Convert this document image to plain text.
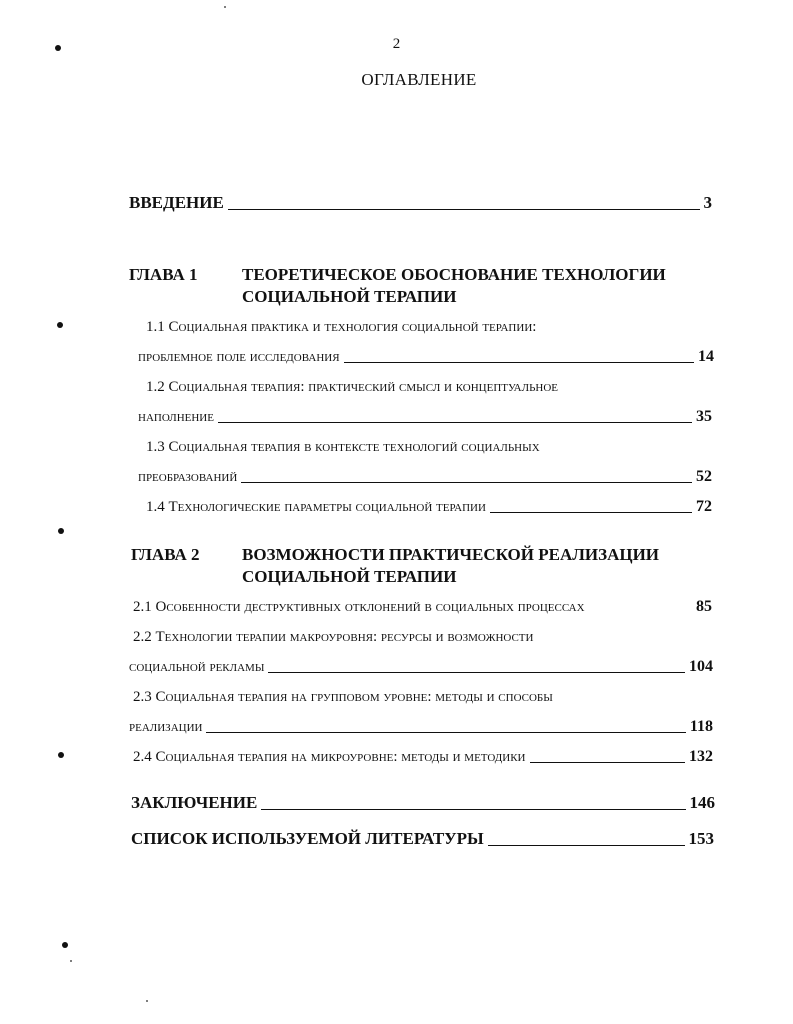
2
ОГЛАВЛЕНИЕ
ВВЕДЕНИЕ	3
ГЛАВА 1	ТЕОРЕТИЧЕСКОЕ ОБОСНОВАНИЕ ТЕХНОЛОГИИ
СОЦИАЛЬНОЙ ТЕРАПИИ
1.1 Социальная практика и технология социальной терапии:
проблемное поле исследования	14
1.2 Социальная терапия: практический смысл и концептуальное
наполнение	35
1.3 Социальная терапия в контексте технологий социальных
преобразований	52
1.4 Технологические параметры социальной терапии	72
ГЛАВА 2	ВОЗМОЖНОСТИ ПРАКТИЧЕСКОЙ РЕАЛИЗАЦИИ
СОЦИАЛЬНОЙ ТЕРАПИИ
2.1 Особенности деструктивных отклонений в социальных процессах	85
2.2 Технологии терапии макроуровня: ресурсы и возможности
социальной рекламы	104
2.3 Социальная терапия на групповом уровне: методы и способы
реализации	118
2.4 Социальная терапия на микроуровне: методы и методики	132
ЗАКЛЮЧЕНИЕ	146
СПИСОК ИСПОЛЬЗУЕМОЙ ЛИТЕРАТУРЫ	153
